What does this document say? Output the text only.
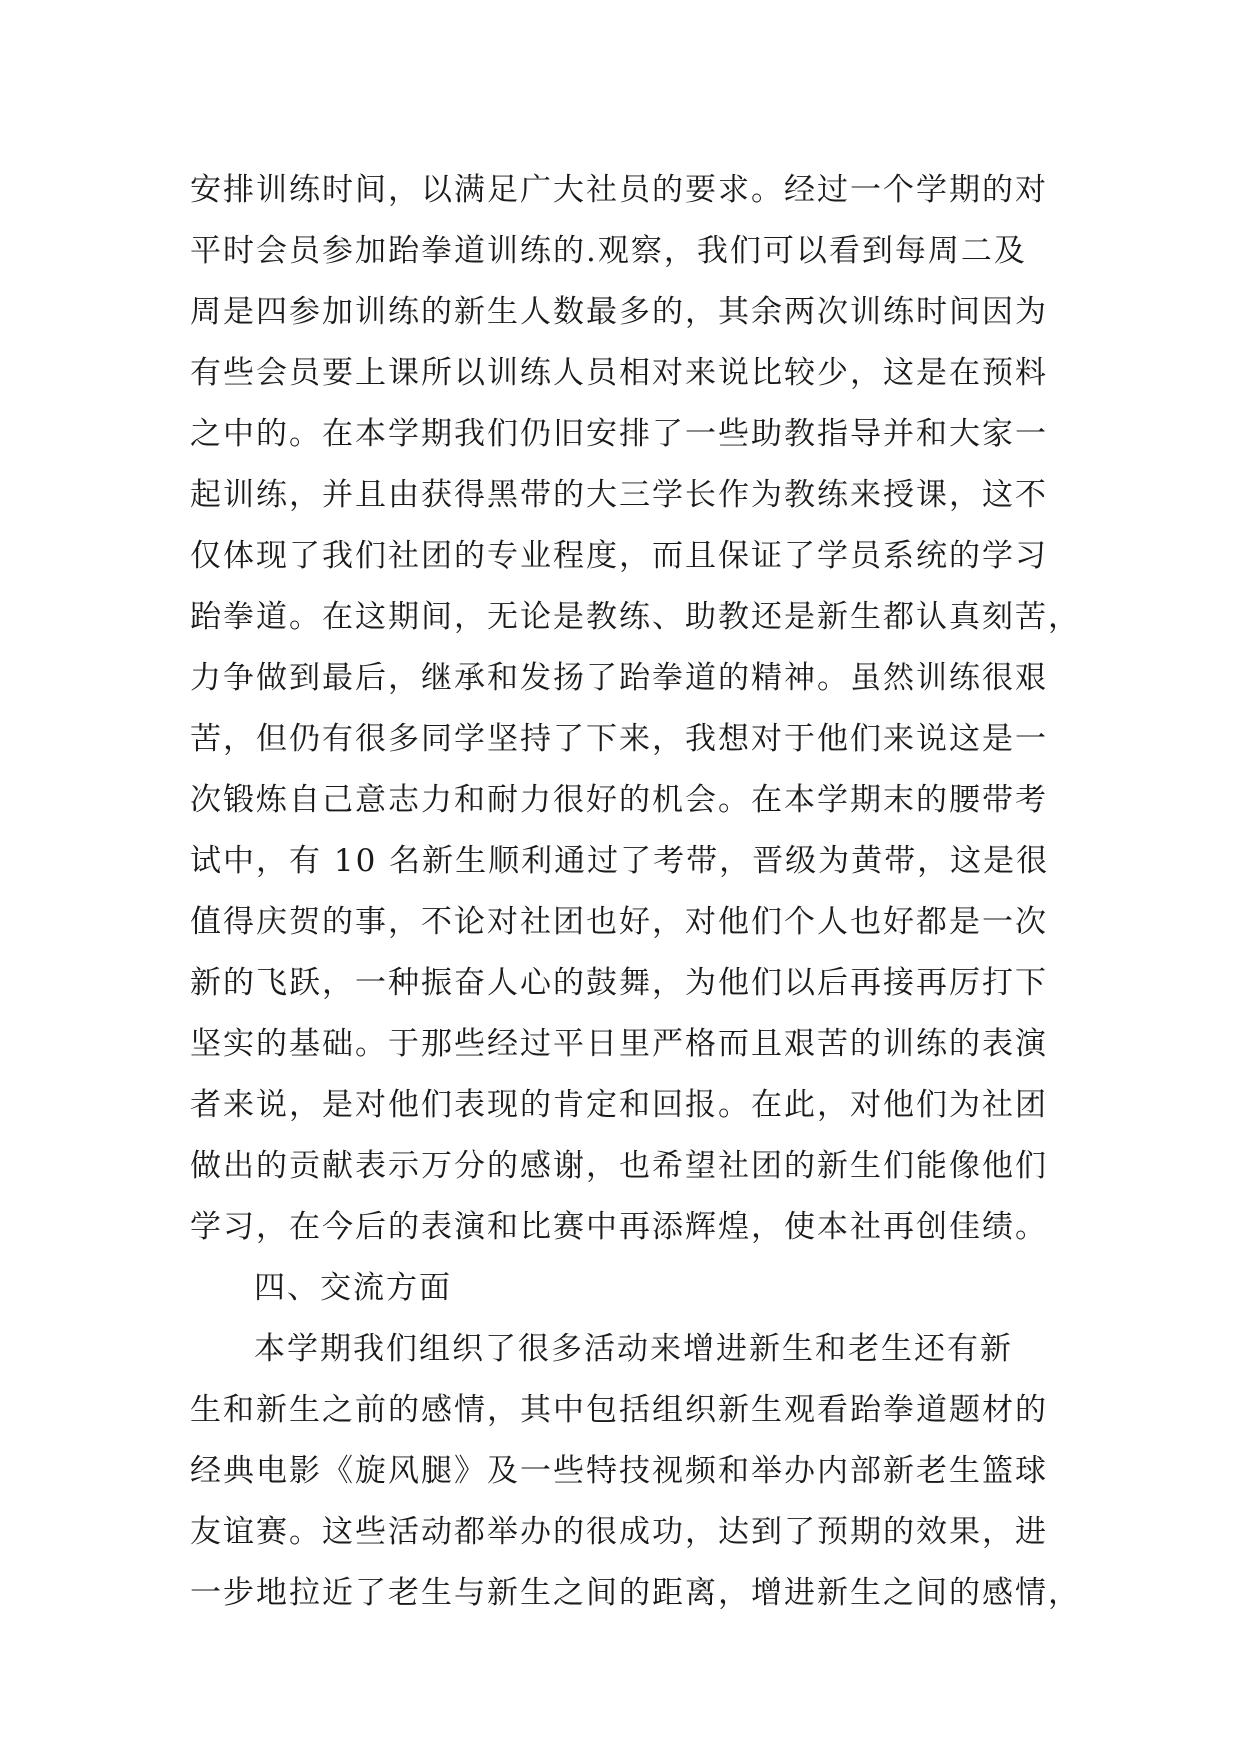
安排训练时间，以满足广大社员的要求。经过一个学期的对
平时会员参加跆拳道训练的.观察，我们可以看到每周二及
周是四参加训练的新生人数最多的，其余两次训练时间因为
有些会员要上课所以训练人员相对来说比较少，这是在预料
之中的。在本学期我们仍旧安排了一些助教指导并和大家一
起训练，并且由获得黑带的大三学长作为教练来授课，这不
仅体现了我们社团的专业程度，而且保证了学员系统的学习
跆拳道。在这期间，无论是教练、助教还是新生都认真刻苦，
力争做到最后，继承和发扬了跆拳道的精神。虽然训练很艰
苦，但仍有很多同学坚持了下来，我想对于他们来说这是一
次锻炼自己意志力和耐力很好的机会。在本学期末的腰带考
试中，有 10 名新生顺利通过了考带，晋级为黄带，这是很
值得庆贺的事，不论对社团也好，对他们个人也好都是一次
新的飞跃，一种振奋人心的鼓舞，为他们以后再接再厉打下
坚实的基础。于那些经过平日里严格而且艰苦的训练的表演
者来说，是对他们表现的肯定和回报。在此，对他们为社团
做出的贡献表示万分的感谢，也希望社团的新生们能像他们
学习，在今后的表演和比赛中再添辉煌，使本社再创佳绩。
四、交流方面
本学期我们组织了很多活动来增进新生和老生还有新
生和新生之前的感情，其中包括组织新生观看跆拳道题材的
经典电影《旋风腿》及一些特技视频和举办内部新老生篮球
友谊赛。这些活动都举办的很成功，达到了预期的效果，进
一步地拉近了老生与新生之间的距离，增进新生之间的感情，
